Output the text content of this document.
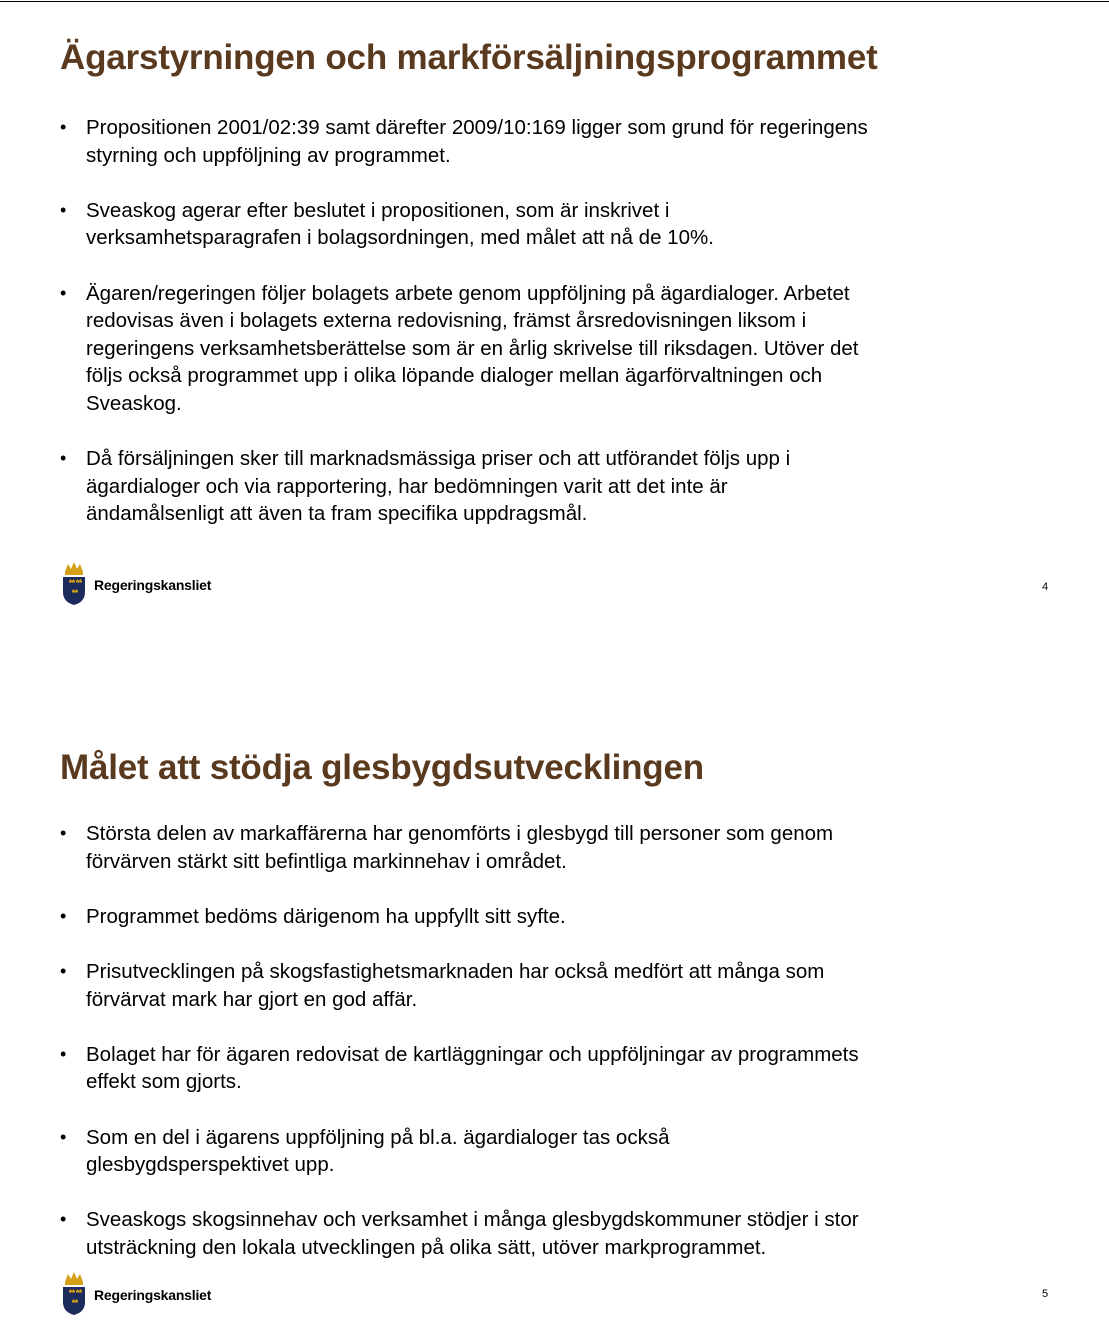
Ägarstyrningen och markförsäljningsprogrammet
• Propositionen 2001/02:39 samt därefter 2009/10:169 ligger som grund för regeringens
styrning och uppföljning av programmet.
• Sveaskog agerar efter beslutet i propositionen, som är inskrivet i
verksamhetsparagrafen i bolagsordningen, med målet att nå de 10%.
• Ägaren/regeringen följer bolagets arbete genom uppföljning på ägardialoger. Arbetet
redovisas även i bolagets externa redovisning, främst årsredovisningen liksom i
regeringens verksamhetsberättelse som är en årlig skrivelse till riksdagen. Utöver det
följs också programmet upp i olika löpande dialoger mellan ägarförvaltningen och
Sveaskog.
• Då försäljningen sker till marknadsmässiga priser och att utförandet följs upp i
ägardialoger och via rapportering, har bedömningen varit att det inte är
ändamålsenligt att även ta fram specifika uppdragsmål.
Regeringskansliet	4
Målet att stödja glesbygdsutvecklingen
• Största delen av markaffärerna har genomförts i glesbygd till personer som genom
förvärven stärkt sitt befintliga markinnehav i området.
• Programmet bedöms därigenom ha uppfyllt sitt syfte.
• Prisutvecklingen på skogsfastighetsmarknaden har också medfört att många som
förvärvat mark har gjort en god affär.
• Bolaget har för ägaren redovisat de kartläggningar och uppföljningar av programmets
effekt som gjorts.
• Som en del i ägarens uppföljning på bl.a. ägardialoger tas också
glesbygdsperspektivet upp.
• Sveaskogs skogsinnehav och verksamhet i många glesbygdskommuner stödjer i stor
utsträckning den lokala utvecklingen på olika sätt, utöver markprogrammet.
Regeringskansliet	5
